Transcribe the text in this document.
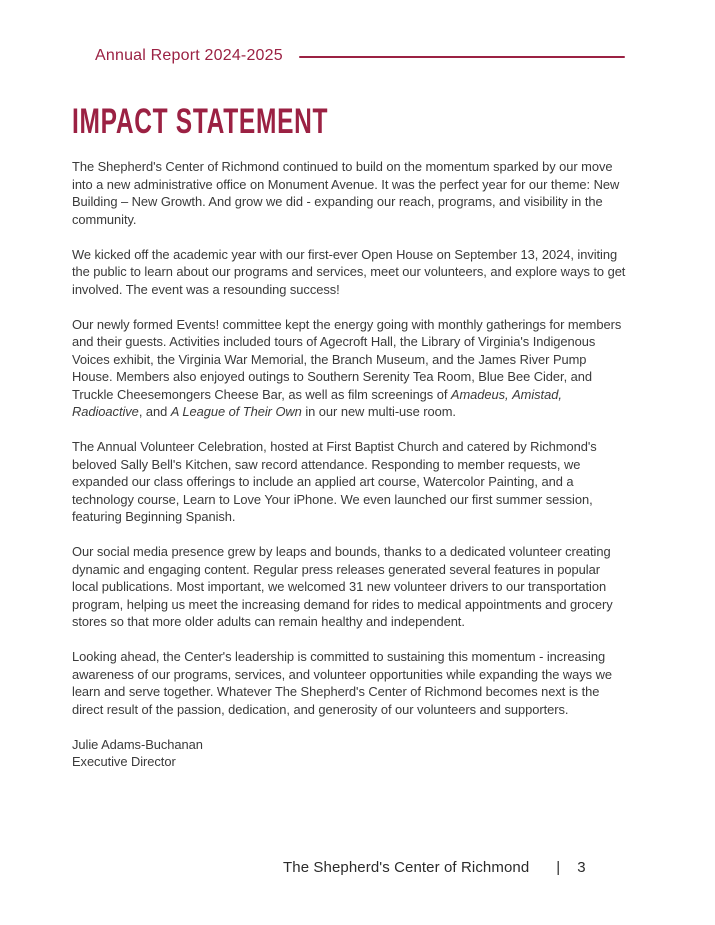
Annual Report 2024-2025
IMPACT STATEMENT

The Shepherd's Center of Richmond continued to build on the momentum sparked by our move into a new administrative office on Monument Avenue. It was the perfect year for our theme: New Building – New Growth. And grow we did - expanding our reach, programs, and visibility in the community.

We kicked off the academic year with our first-ever Open House on September 13, 2024, inviting the public to learn about our programs and services, meet our volunteers, and explore ways to get involved. The event was a resounding success!

Our newly formed Events! committee kept the energy going with monthly gatherings for members and their guests. Activities included tours of Agecroft Hall, the Library of Virginia's Indigenous Voices exhibit, the Virginia War Memorial, the Branch Museum, and the James River Pump House. Members also enjoyed outings to Southern Serenity Tea Room, Blue Bee Cider, and Truckle Cheesemongers Cheese Bar, as well as film screenings of Amadeus, Amistad, Radioactive, and A League of Their Own in our new multi-use room.

The Annual Volunteer Celebration, hosted at First Baptist Church and catered by Richmond's beloved Sally Bell's Kitchen, saw record attendance. Responding to member requests, we expanded our class offerings to include an applied art course, Watercolor Painting, and a technology course, Learn to Love Your iPhone. We even launched our first summer session, featuring Beginning Spanish.

Our social media presence grew by leaps and bounds, thanks to a dedicated volunteer creating dynamic and engaging content. Regular press releases generated several features in popular local publications. Most important, we welcomed 31 new volunteer drivers to our transportation program, helping us meet the increasing demand for rides to medical appointments and grocery stores so that more older adults can remain healthy and independent.

Looking ahead, the Center's leadership is committed to sustaining this momentum - increasing awareness of our programs, services, and volunteer opportunities while expanding the ways we learn and serve together. Whatever The Shepherd's Center of Richmond becomes next is the direct result of the passion, dedication, and generosity of our volunteers and supporters.

Julie Adams-Buchanan
Executive Director
The Shepherd's Center of Richmond | 3
